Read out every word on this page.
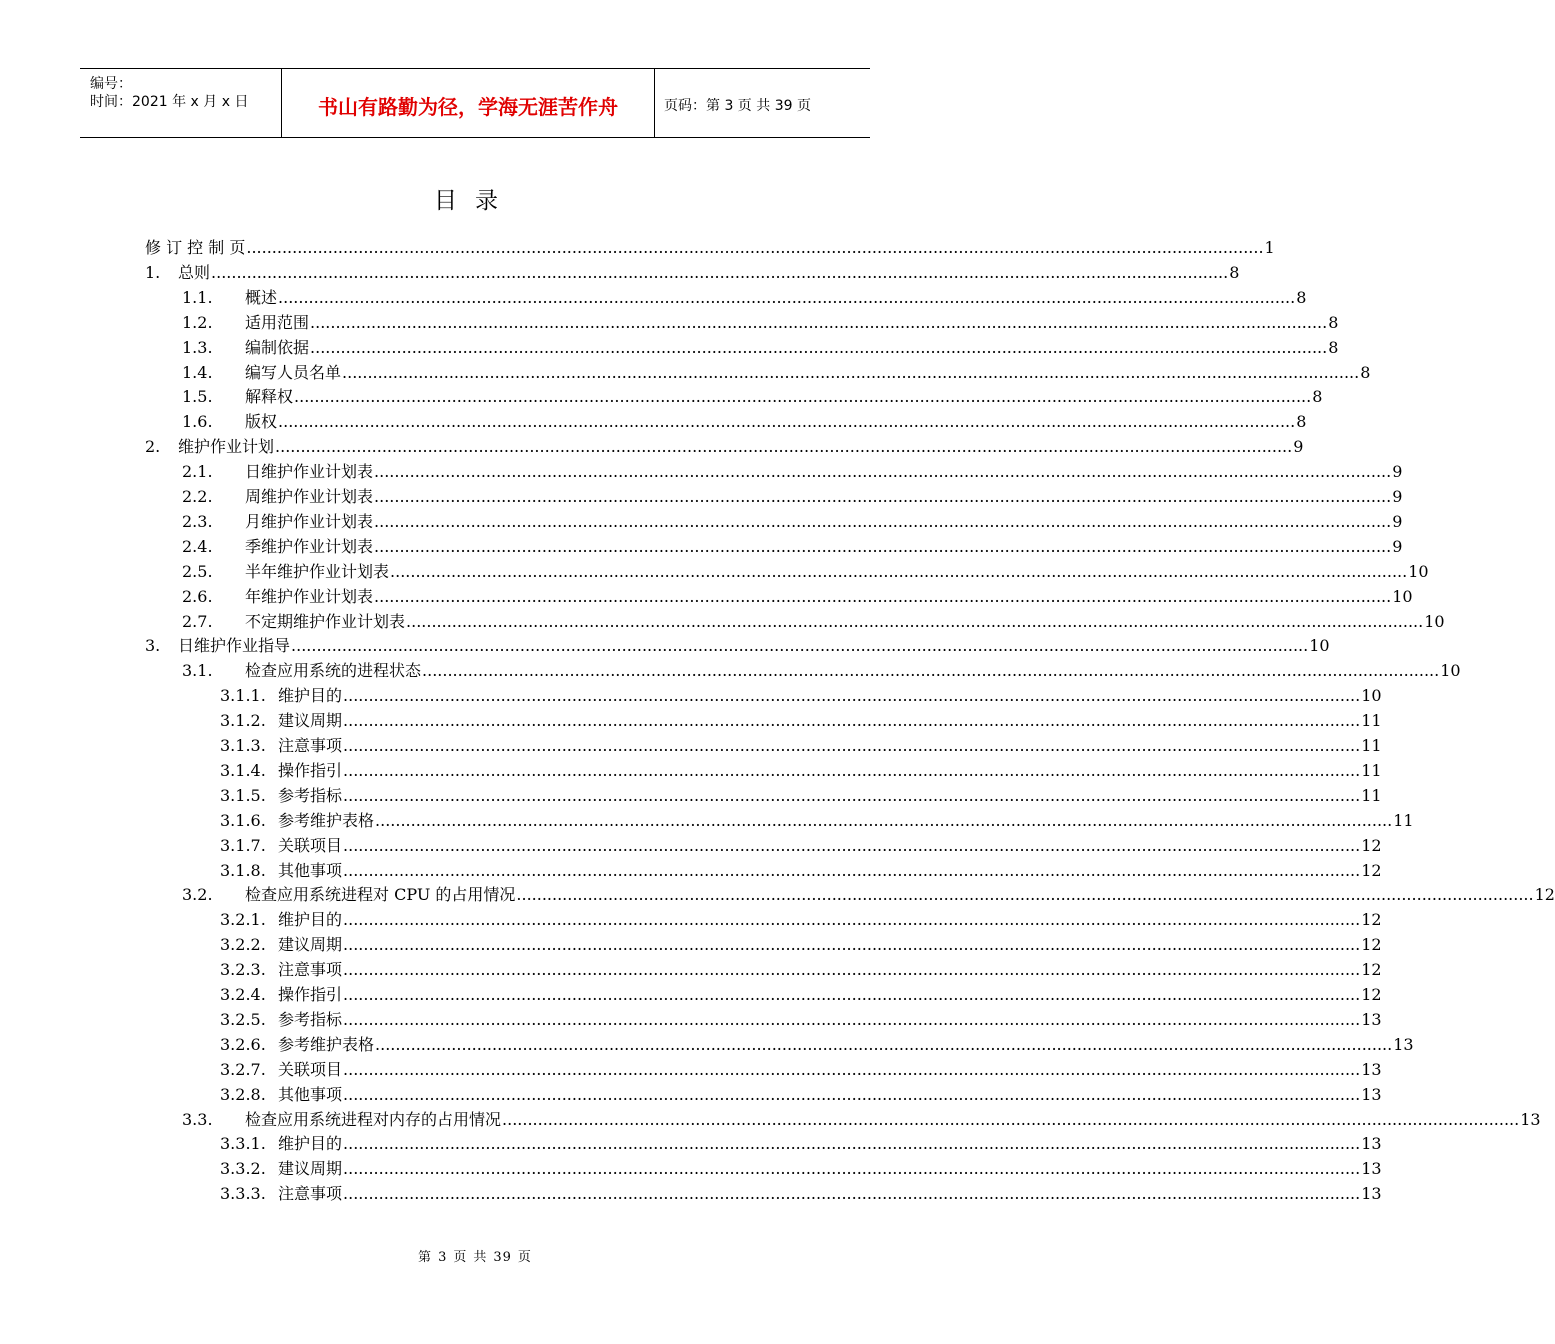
编号：
时间：2021 年 x 月 x 日	书山有路勤为径，学海无涯苦作舟	页码：第 3 页 共 39 页
目录
修 订 控 制 页 ........................................................................................................................................................................................................ 1
1. 总则 ........................................................................................................................................................................................................ 8
1.1. 概述 ........................................................................................................................................................................................................ 8
1.2. 适用范围 ........................................................................................................................................................................................................ 8
1.3. 编制依据 ........................................................................................................................................................................................................ 8
1.4. 编写人员名单 ........................................................................................................................................................................................................ 8
1.5. 解释权 ........................................................................................................................................................................................................ 8
1.6. 版权 ........................................................................................................................................................................................................ 8
2. 维护作业计划 ........................................................................................................................................................................................................ 9
2.1. 日维护作业计划表 ........................................................................................................................................................................................................ 9
2.2. 周维护作业计划表 ........................................................................................................................................................................................................ 9
2.3. 月维护作业计划表 ........................................................................................................................................................................................................ 9
2.4. 季维护作业计划表 ........................................................................................................................................................................................................ 9
2.5. 半年维护作业计划表 ........................................................................................................................................................................................................ 10
2.6. 年维护作业计划表 ........................................................................................................................................................................................................ 10
2.7. 不定期维护作业计划表 ........................................................................................................................................................................................................ 10
3. 日维护作业指导 ........................................................................................................................................................................................................ 10
3.1. 检查应用系统的进程状态 ........................................................................................................................................................................................................ 10
3.1.1. 维护目的 ........................................................................................................................................................................................................ 10
3.1.2. 建议周期 ........................................................................................................................................................................................................ 11
3.1.3. 注意事项 ........................................................................................................................................................................................................ 11
3.1.4. 操作指引 ........................................................................................................................................................................................................ 11
3.1.5. 参考指标 ........................................................................................................................................................................................................ 11
3.1.6. 参考维护表格 ........................................................................................................................................................................................................ 11
3.1.7. 关联项目 ........................................................................................................................................................................................................ 12
3.1.8. 其他事项 ........................................................................................................................................................................................................ 12
3.2. 检查应用系统进程对 CPU 的占用情况 ........................................................................................................................................................................................................ 12
3.2.1. 维护目的 ........................................................................................................................................................................................................ 12
3.2.2. 建议周期 ........................................................................................................................................................................................................ 12
3.2.3. 注意事项 ........................................................................................................................................................................................................ 12
3.2.4. 操作指引 ........................................................................................................................................................................................................ 12
3.2.5. 参考指标 ........................................................................................................................................................................................................ 13
3.2.6. 参考维护表格 ........................................................................................................................................................................................................ 13
3.2.7. 关联项目 ........................................................................................................................................................................................................ 13
3.2.8. 其他事项 ........................................................................................................................................................................................................ 13
3.3. 检查应用系统进程对内存的占用情况 ........................................................................................................................................................................................................ 13
3.3.1. 维护目的 ........................................................................................................................................................................................................ 13
3.3.2. 建议周期 ........................................................................................................................................................................................................ 13
3.3.3. 注意事项 ........................................................................................................................................................................................................ 13
第 3 页 共 39 页
